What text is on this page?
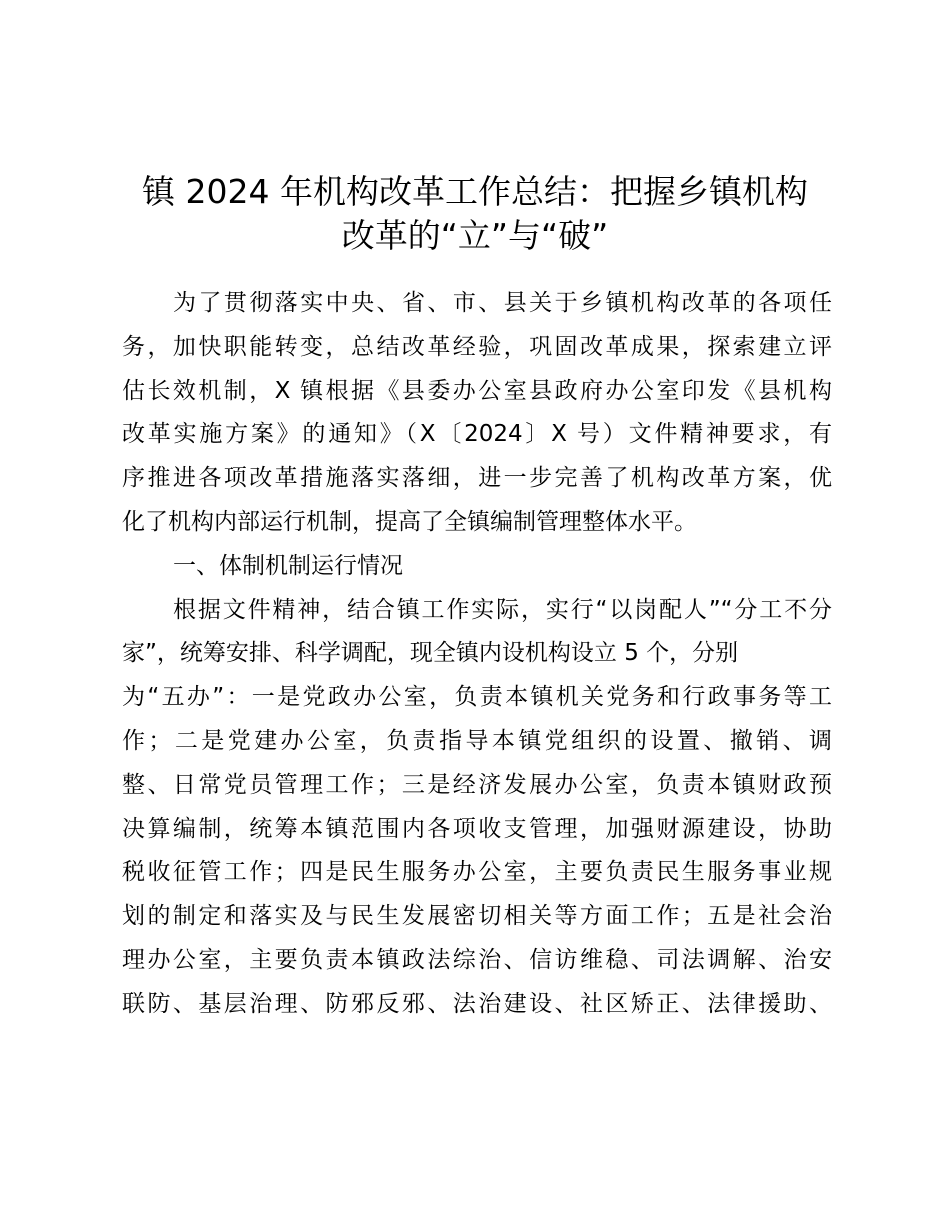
镇 2024 年机构改革工作总结：把握乡镇机构
改革的“立”与“破”
为了贯彻落实中央、省、市、县关于乡镇机构改革的各项任
务，加快职能转变，总结改革经验，巩固改革成果，探索建立评
估长效机制，X 镇根据《县委办公室县政府办公室印发《县机构
改革实施方案》的通知》（X〔2024〕X 号）文件精神要求，有
序推进各项改革措施落实落细，进一步完善了机构改革方案，优
化了机构内部运行机制，提高了全镇编制管理整体水平。
一、体制机制运行情况
根据文件精神，结合镇工作实际，实行“以岗配人”“分工不分
家”，统筹安排、科学调配，现全镇内设机构设立 5 个，分别
为“五办”：一是党政办公室，负责本镇机关党务和行政事务等工
作；二是党建办公室，负责指导本镇党组织的设置、撤销、调
整、日常党员管理工作；三是经济发展办公室，负责本镇财政预
决算编制，统筹本镇范围内各项收支管理，加强财源建设，协助
税收征管工作；四是民生服务办公室，主要负责民生服务事业规
划的制定和落实及与民生发展密切相关等方面工作；五是社会治
理办公室，主要负责本镇政法综治、信访维稳、司法调解、治安
联防、基层治理、防邪反邪、法治建设、社区矫正、法律援助、
